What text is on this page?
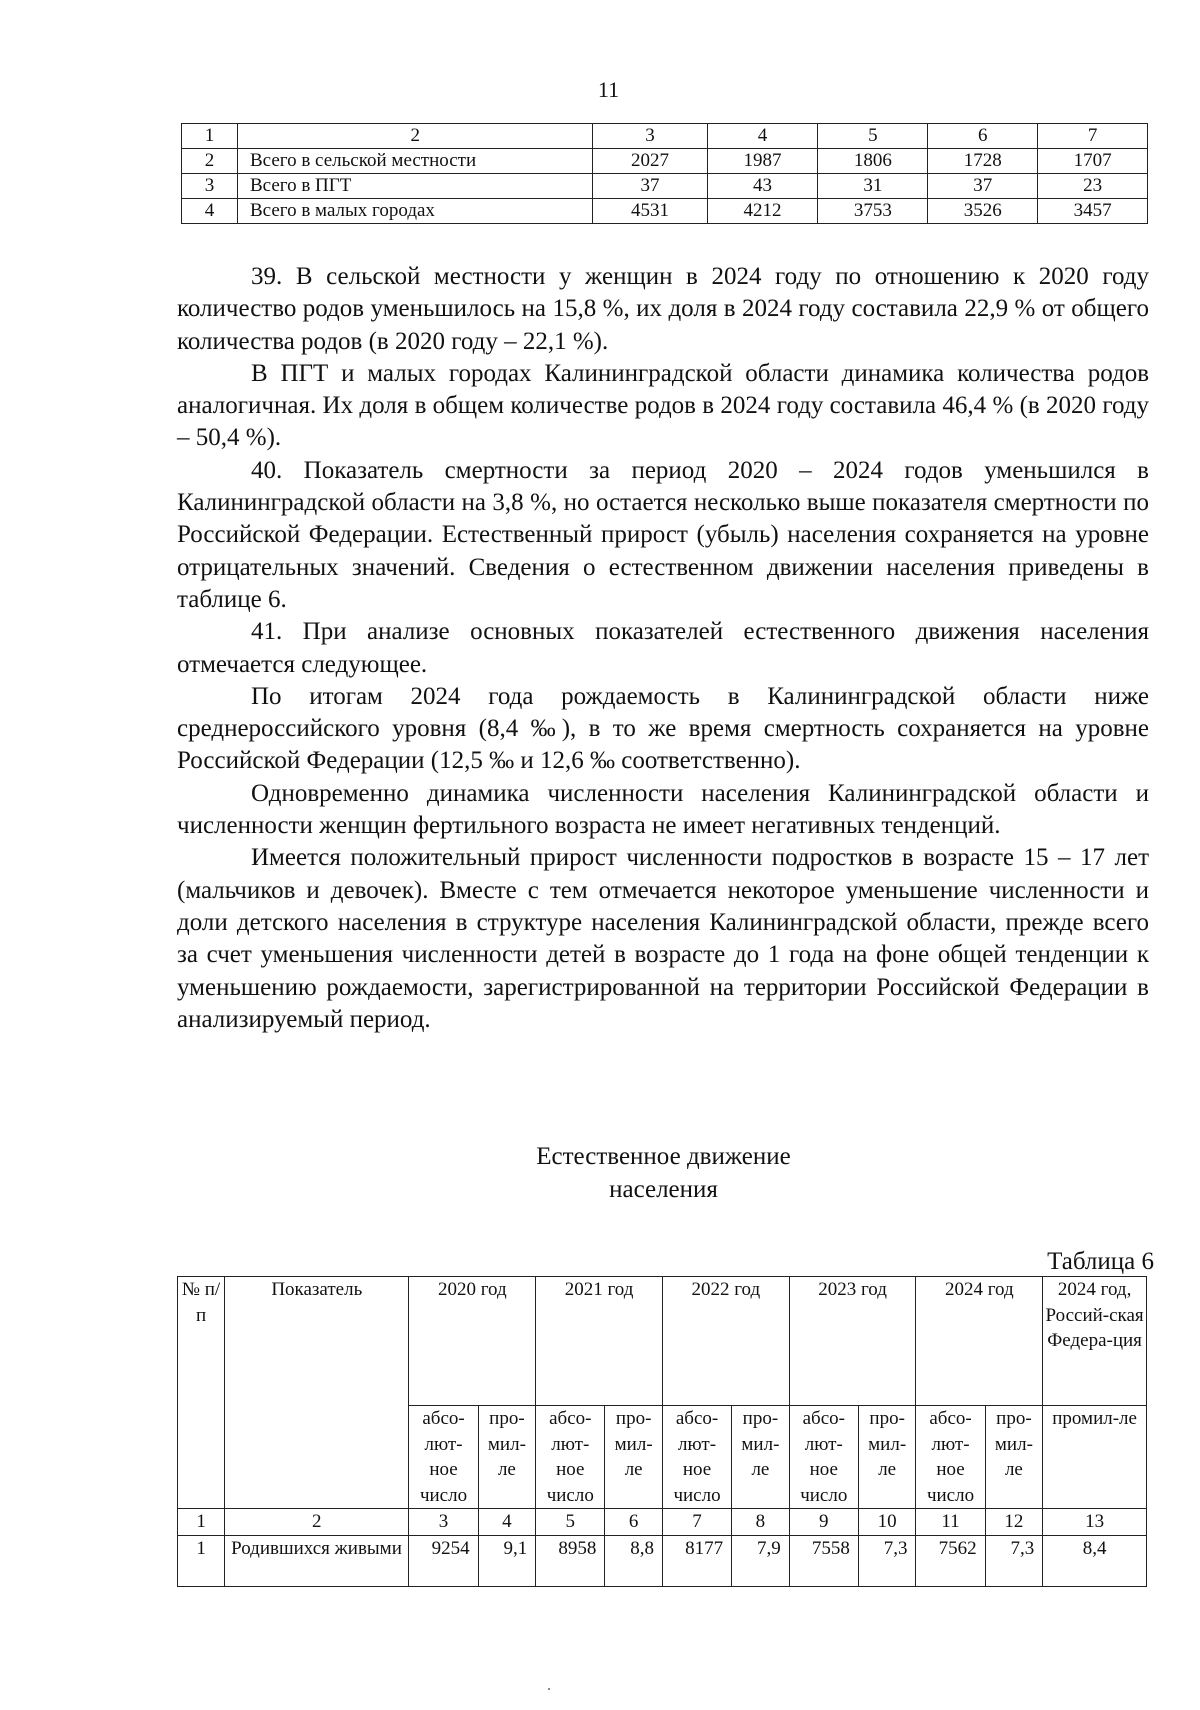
11
1	2	3	4	5	6	7
2	Всего в сельской местности	2027	1987	1806	1728	1707
3	Всего в ПГТ	37	43	31	37	23
4	Всего в малых городах	4531	4212	3753	3526	3457

39. В сельской местности у женщин в 2024 году по отношению к 2020 году количество родов уменьшилось на 15,8 %, их доля в 2024 году составила 22,9 % от общего количества родов (в 2020 году – 22,1 %).

В ПГТ и малых городах Калининградской области динамика количества родов аналогичная. Их доля в общем количестве родов в 2024 году составила 46,4 % (в 2020 году – 50,4 %).

40. Показатель смертности за период 2020 – 2024 годов уменьшился в Калининградской области на 3,8 %, но остается несколько выше показателя смертности по Российской Федерации. Естественный прирост (убыль) населения сохраняется на уровне отрицательных значений. Сведения о естественном движении населения приведены в таблице 6.

41. При анализе основных показателей естественного движения населения отмечается следующее.

По итогам 2024 года рождаемость в Калининградской области ниже среднероссийского уровня (8,4 ‰), в то же время смертность сохраняется на уровне Российской Федерации (12,5 ‰ и 12,6 ‰ соответственно).

Одновременно динамика численности населения Калининградской области и численности женщин фертильного возраста не имеет негативных тенденций.

Имеется положительный прирост численности подростков в возрасте 15 – 17 лет (мальчиков и девочек). Вместе с тем отмечается некоторое уменьшение численности и доли детского населения в структуре населения Калининградской области, прежде всего за счет уменьшения численности детей в возрасте до 1 года на фоне общей тенденции к уменьшению рождаемости, зарегистрированной на территории Российской Федерации в анализируемый период.

Естественное движение
населения
Таблица 6
№ п/п	Показатель	2020 год		2021 год		2022 год		2023 год		2024 год		2024 год, Россий-ская Федера-ция
		абсо-лют-ное число	про-мил-ле	абсо-лют-ное число	про-мил-ле	абсо-лют-ное число	про-мил-ле	абсо-лют-ное число	про-мил-ле	абсо-лют-ное число	про-мил-ле	промил-ле
1	2	3	4	5	6	7	8	9	10	11	12	13
1	Родившихся живыми	9254	9,1	8958	8,8	8177	7,9	7558	7,3	7562	7,3	8,4
